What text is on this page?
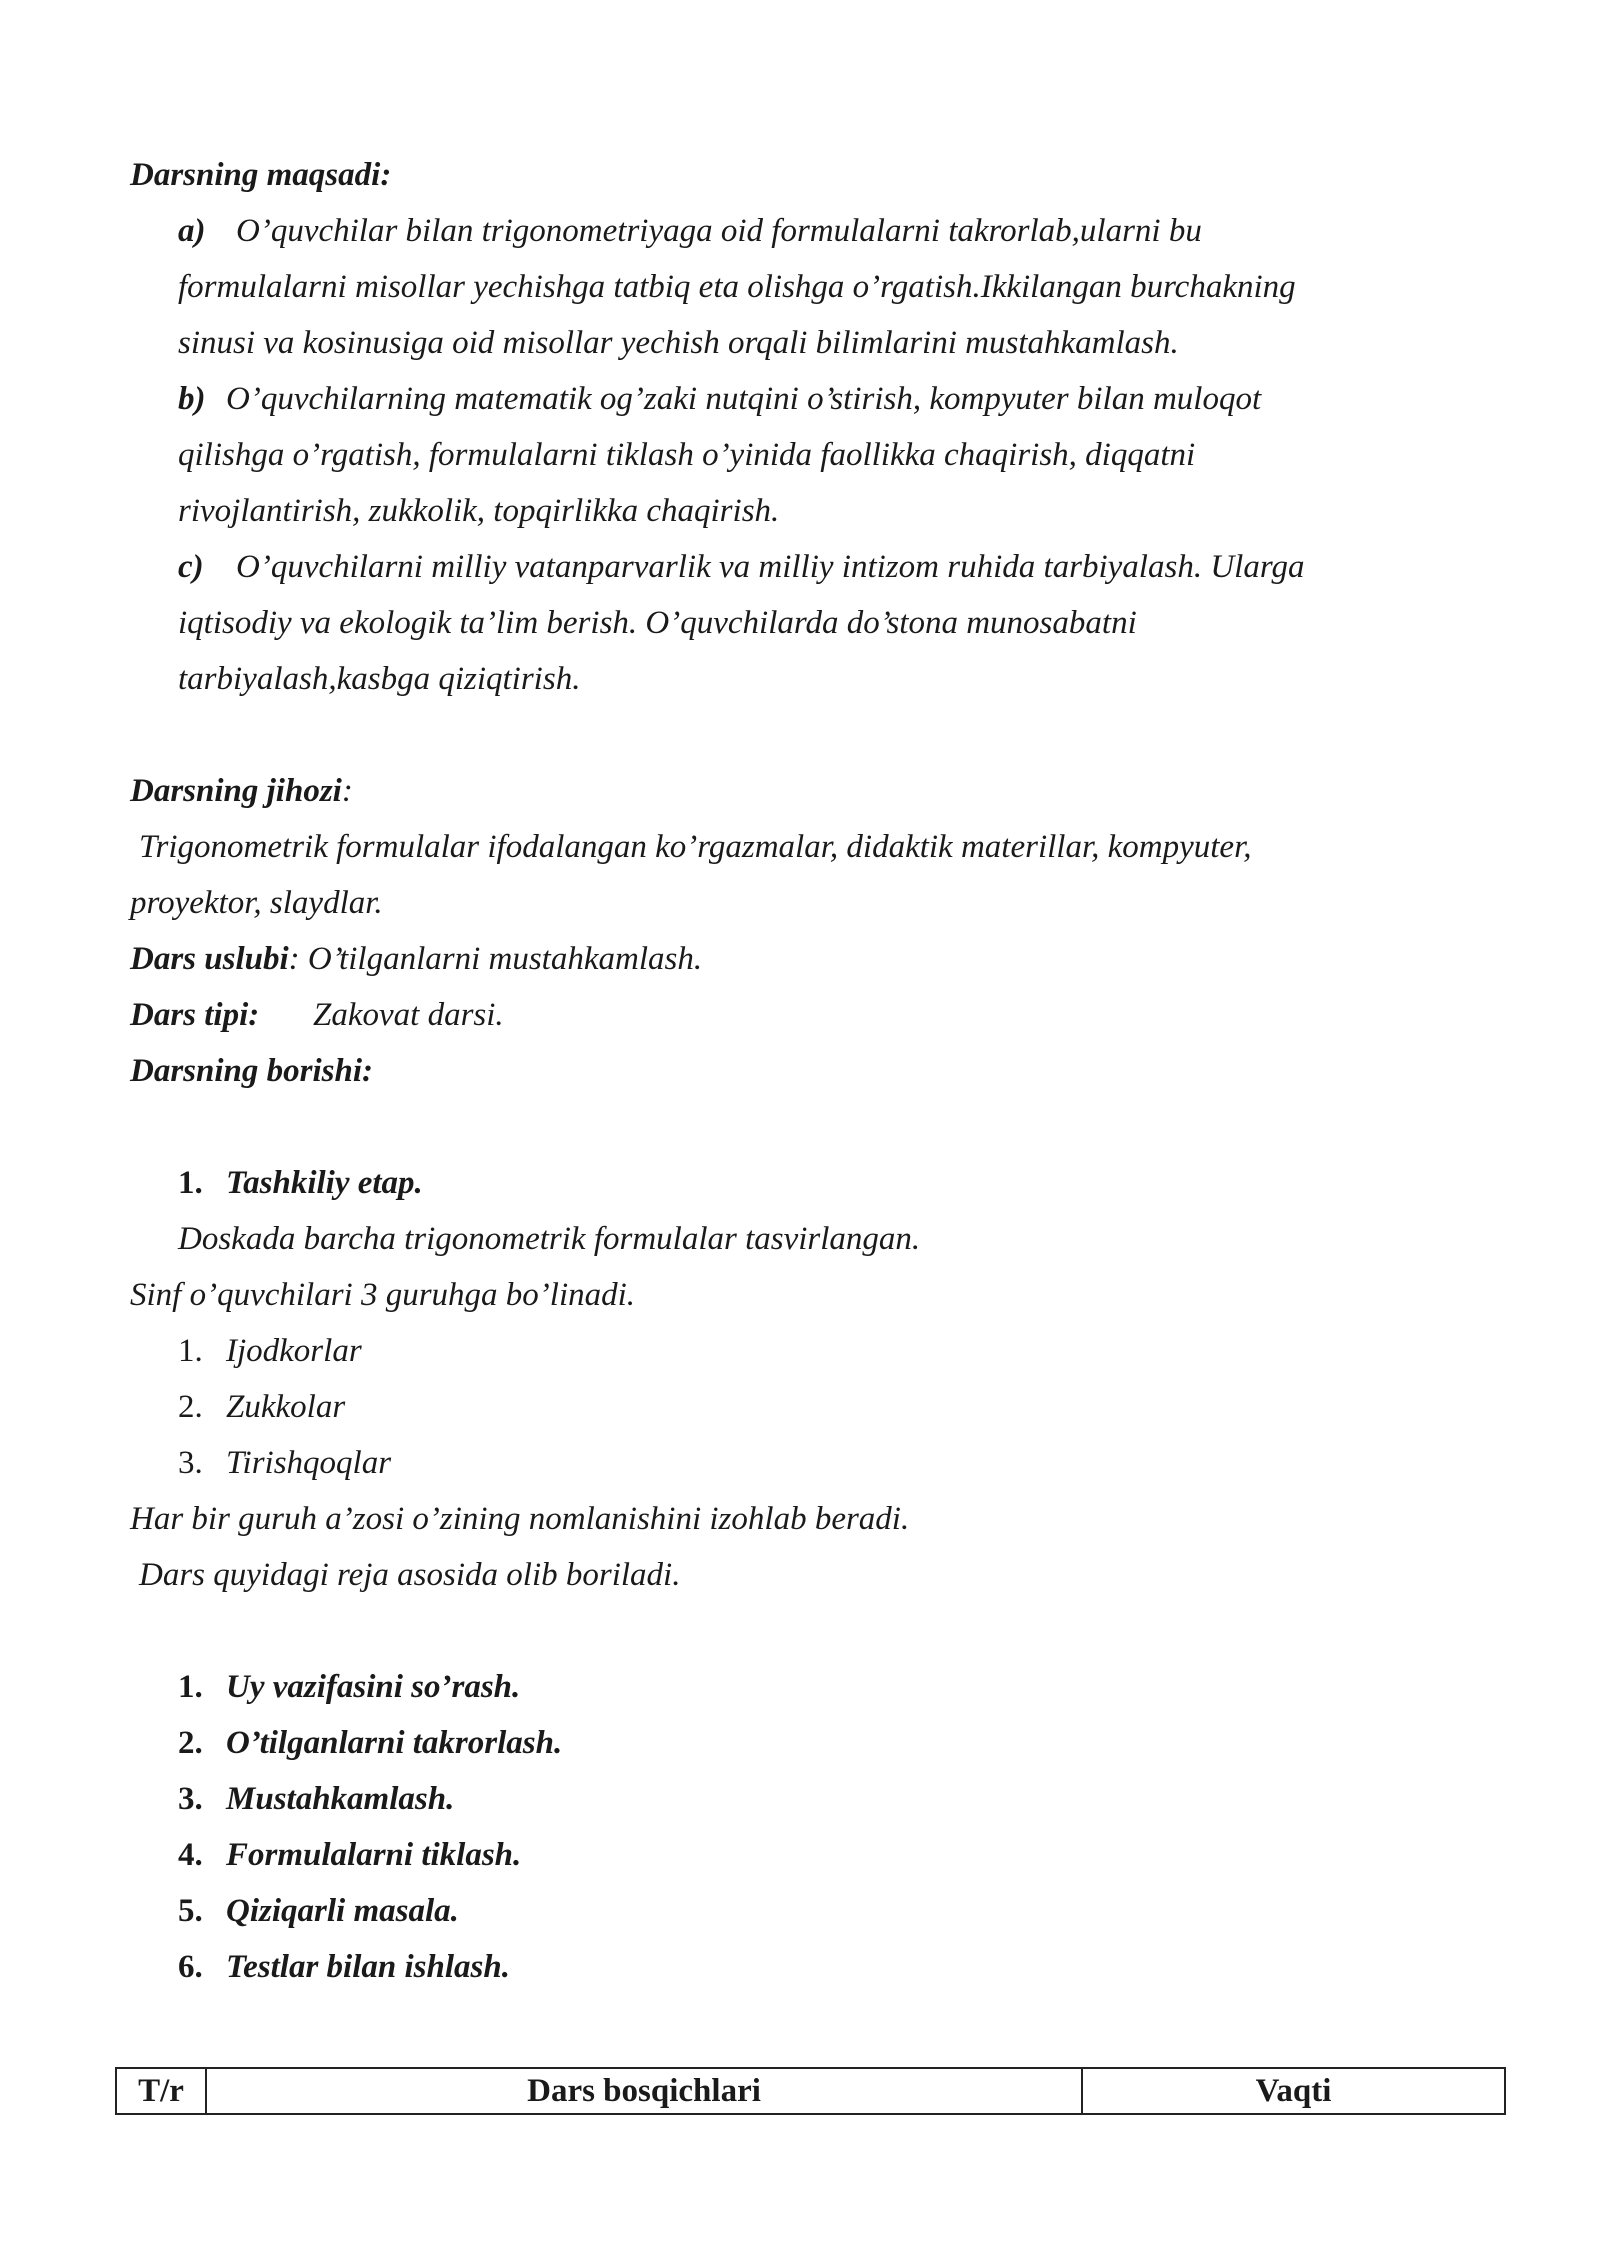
Darsning maqsadi:
a) O’quvchilar bilan trigonometriyaga oid formulalarni takrorlab,ularni bu
formulalarni misollar yechishga tatbiq eta olishga o’rgatish.Ikkilangan burchakning
sinusi va kosinusiga oid misollar yechish orqali bilimlarini mustahkamlash.
b) O’quvchilarning matematik og’zaki nutqini o’stirish, kompyuter bilan muloqot
qilishga o’rgatish, formulalarni tiklash o’yinida faollikka chaqirish, diqqatni
rivojlantirish, zukkolik, topqirlikka chaqirish.
c) O’quvchilarni milliy vatanparvarlik va milliy intizom ruhida tarbiyalash. Ularga
iqtisodiy va ekologik ta’lim berish. O’quvchilarda do’stona munosabatni
tarbiyalash,kasbga qiziqtirish.
Darsning jihozi:
Trigonometrik formulalar ifodalangan ko’rgazmalar, didaktik materillar, kompyuter,
proyektor, slaydlar.
Dars uslubi: O’tilganlarni mustahkamlash.
Dars tipi: Zakovat darsi.
Darsning borishi:
1. Tashkiliy etap.
Doskada barcha trigonometrik formulalar tasvirlangan.
Sinf o’quvchilari 3 guruhga bo’linadi.
1. Ijodkorlar
2. Zukkolar
3. Tirishqoqlar
Har bir guruh a’zosi o’zining nomlanishini izohlab beradi.
Dars quyidagi reja asosida olib boriladi.
1. Uy vazifasini so’rash.
2. O’tilganlarni takrorlash.
3. Mustahkamlash.
4. Formulalarni tiklash.
5. Qiziqarli masala.
6. Testlar bilan ishlash.
T/r	Dars bosqichlari	Vaqti
